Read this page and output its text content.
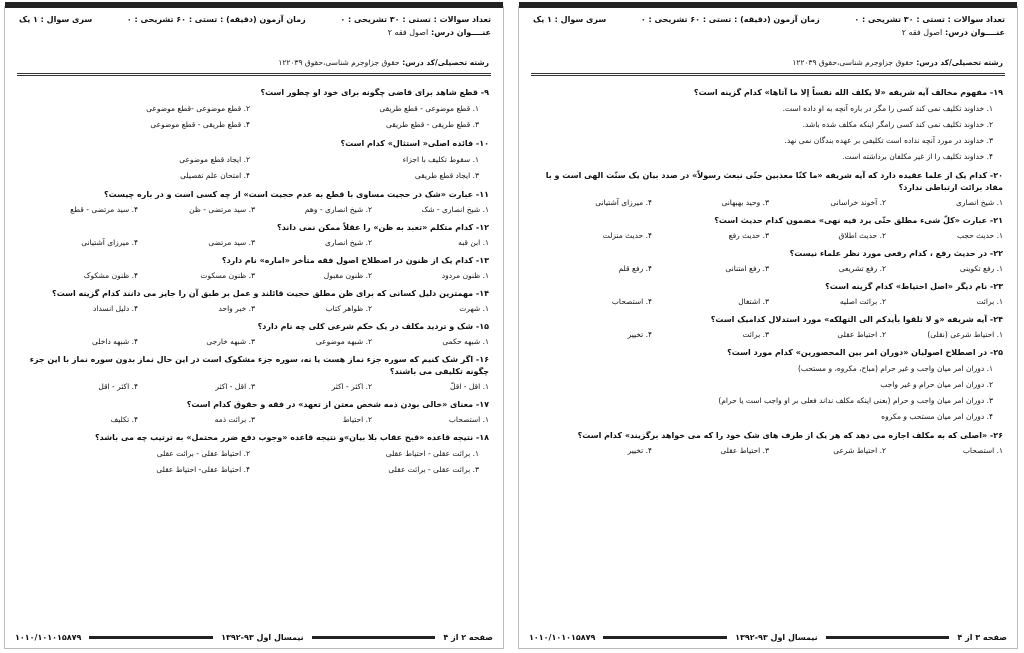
تعداد سوالات : تستی : ۳۰ تشریحی : ۰
زمان آزمون (دقیقه) : تستی : ۶۰ تشریحی : ۰
سری سوال : ۱ یک
عنــــوان درس: اصول فقه ۲
رشته تحصیلی/کد درس: حقوق جزاوجرم شناسی،حقوق ۱۲۲۰۳۹
۹- قطع شاهد برای قاضی چگونه برای خود او چطور است؟
۱. قطع موضوعی - قطع طریقی
۲. قطع موضوعی -قطع موضوعی
۳. قطع طریقی - قطع طریقی
۴. قطع طریقی - قطع موضوعی
۱۰- فائده اصلی« استثال» کدام است؟
۱. سقوط تکلیف با اجزاء
۲. ایجاد قطع موضوعی
۳. ایجاد قطع طریقی
۴. امتحان علم تفصیلی
۱۱- عبارت «شک در حجیت مساوی با قطع به عدم حجیت است» از چه کسی است و در باره چیست؟
۱. شیخ انصاری - شک
۲. شیخ انصاری - وهم
۳. سید مرتضی - ظن
۴. سید مرتضی - قطع
۱۲- کدام متکلم «تعبد به ظن» را عقلاً ممکن نمی داند؟
۱. ابن قبه
۲. شیخ انصاری
۳. سید مرتضی
۴. میرزای آشتیانی
۱۳- کدام یک از ظنون در اصطلاح اصول فقه متأخر «اماره» نام دارد؟
۱. ظنون مردود
۲. ظنون مقبول
۳. ظنون مسکوت
۴. ظنون مشکوک
۱۴- مهمترین دلیل کسانی که برای ظن مطلق حجیت قائلند و عمل بر طبق آن را جایز می دانند کدام گزینه است؟
۱. شهرت
۲. ظواهر کتاب
۳. خبر واحد
۴. دلیل انسداد
۱۵- شک و تردید مکلف در یک حکم شرعی کلی چه نام دارد؟
۱. شبهه حکمی
۲. شبهه موضوعی
۳. شبهه خارجی
۴. شبهه داخلی
۱۶- اگر شک کنیم که سوره جزء نماز هست یا نه، سوره جزء مشکوک است در این حال نماز بدون سوره نماز با این جزء چگونه تکلیفی می باشند؟
۱. اقل - اقلّ
۲. اکثر - اکثر
۳. اقل - اکثر
۴. اکثر - اقل
۱۷- معنای «خالی بودن ذمه شخص معتن از تعهد» در فقه و حقوق کدام است؟
۱. استصحاب
۲. احتیاط
۳. برائت ذمه
۴. تکلیف
۱۸- نتیجه قاعده «قبح عقاب بلا بیان»و نتیجه قاعده «وجوب دفع ضرر محتمل» به ترتیب چه می باشد؟
۱. برائت عقلی - احتیاط عقلی
۲. احتیاط عقلی - برائت عقلی
۳. برائت عقلی - برائت عقلی
۴. احتیاط عقلی- احتیاط عقلی
صفحه ۲ از ۴
نیمسال اول ۹۳-۱۳۹۲
۱۰۱۰/۱۰۱۰۱۵۸۷۹
تعداد سوالات : تستی : ۳۰ تشریحی : ۰
زمان آزمون (دقیقه) : تستی : ۶۰ تشریحی : ۰
سری سوال : ۱ یک
عنــــوان درس: اصول فقه ۲
رشته تحصیلی/کد درس: حقوق جزاوجرم شناسی،حقوق ۱۲۲۰۳۹
۱۹- مفهوم مخالف آیه شریفه «لا یکلف الله نفساً إلا ما آتاها» کدام گزینه است؟
۱. خداوند تکلیف نمی کند کسی را مگر در باره آنچه به او داده است.
۲. خداوند تکلیف نمی کند کسی رامگر اینکه مکلف شده باشد.
۳. خداوند در مورد آنچه نداده است تکلیفی بر عهده بندگان نمی نهد.
۴. خداوند تکلیف را از غیر مکلفان برداشته است.
۲۰- کدام یک از علما عقیده دارد که آیه شریفه «ما کنّا معذبین حتّی نبعث رسولاً» در صدد بیان یک سنّت الهی است و با مفاد برائت ارتباطی ندارد؟
۱. شیخ انصاری
۲. آخوند خراسانی
۳. وحید بهبهانی
۴. میرزای آشتیانی
۲۱- عبارت «کلّ شیء مطلق حتّی یرد فیه نهی» مضمون کدام حدیث است؟
۱. حدیث حجب
۲. حدیث اطلاق
۳. حدیث رفع
۴. حدیث منزلت
۲۲- در حدیث رفع ، کدام رفعی مورد نظر علماء نیست؟
۱. رفع تکوینی
۲. رفع تشریعی
۳. رفع امتنانی
۴. رفع قلم
۲۳- نام دیگر «اصل احتیاط» کدام گزینه است؟
۱. برائت
۲. برائت اصلیه
۳. اشتغال
۴. استصحاب
۲۴- آیه شریفه «و لا تلقوا بأیدکم الی التهلکه» مورد استدلال کدامیک است؟
۱. احتیاط شرعی (نقلی)
۲. احتیاط عقلی
۳. برائت
۴. تخییر
۲۵- در اصطلاح اصولیان «دوران امر بین المحصورین» کدام مورد است؟
۱. دوران امر میان واجب و غیر حرام (مباح، مکروه، و مستحب)
۲. دوران امر میان حرام و غیر واجب
۳. دوران امر میان واجب و حرام (بعنی اینکه مکلف نداند فعلی بر او واجب است یا حرام)
۴. دوران امر میان مستحب و مکروه
۲۶- «اصلی که به مکلف اجازه می دهد که هر یک از طرف های شک خود را که می خواهد برگزیند» کدام است؟
۱. استصحاب
۲. احتیاط شرعی
۳. احتیاط عقلی
۴. تخییر
صفحه ۳ از ۴
نیمسال اول ۹۳-۱۳۹۲
۱۰۱۰/۱۰۱۰۱۵۸۷۹
